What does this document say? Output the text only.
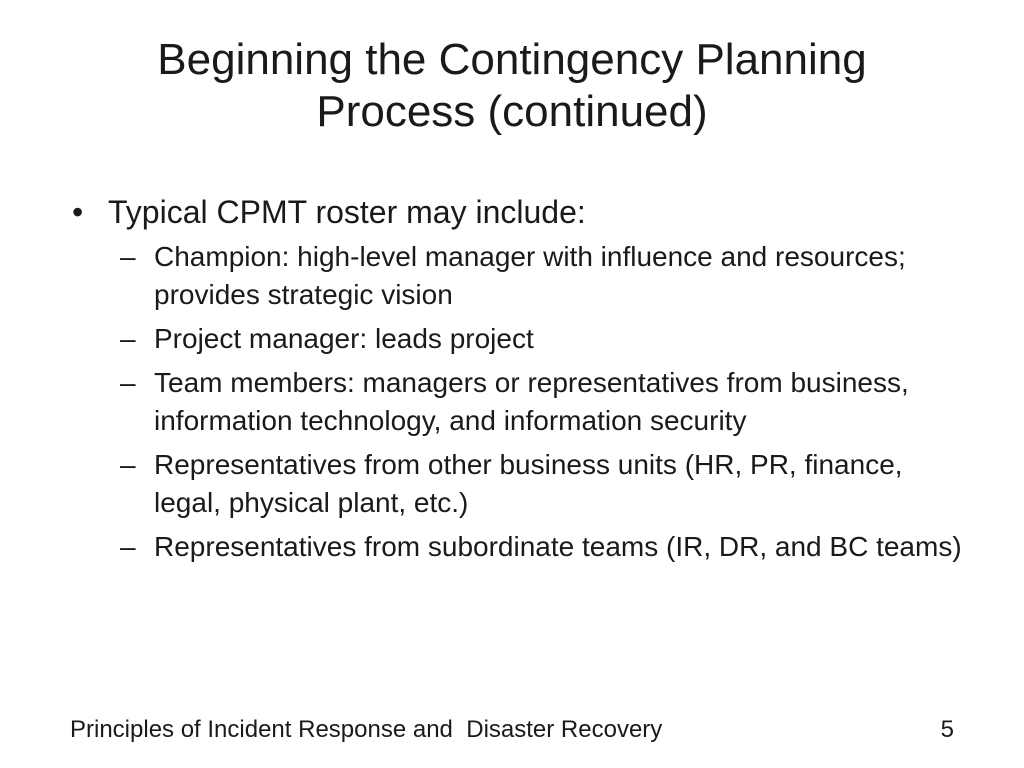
Beginning the Contingency Planning
Process (continued)
• Typical CPMT roster may include:
– Champion: high-level manager with influence and resources; provides strategic vision
– Project manager: leads project
– Team members: managers or representatives from business, information technology, and information security
– Representatives from other business units (HR, PR, finance, legal, physical plant, etc.)
– Representatives from subordinate teams (IR, DR, and BC teams)
Principles of Incident Response and  Disaster Recovery	5
